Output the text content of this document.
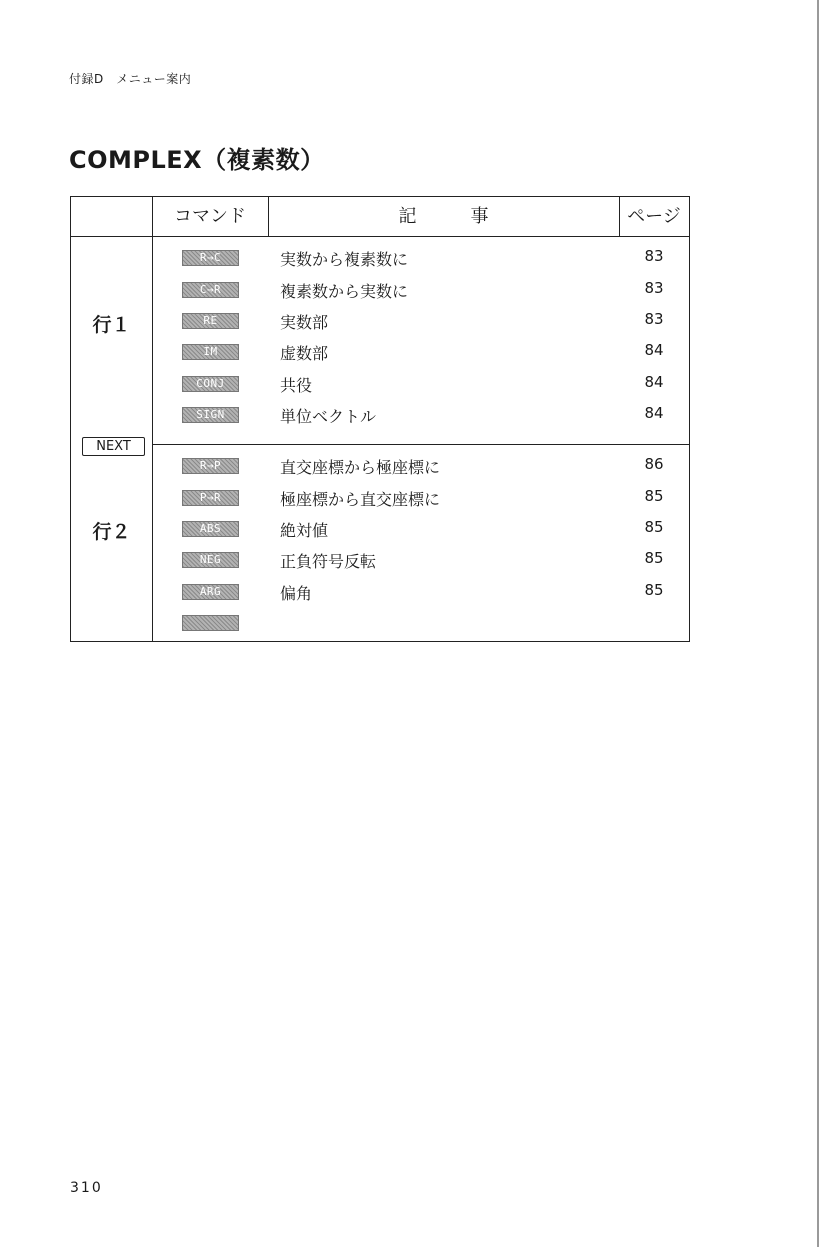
付録D　メニュー案内
COMPLEX（複素数）
コマンド	記　　　事	ページ
行１
行２
NEXT
R→C	実数から複素数に	83
C→R	複素数から実数に	83
RE	実数部	83
IM	虚数部	84
CONJ	共役	84
SIGN	単位ベクトル	84
R→P	直交座標から極座標に	86
P→R	極座標から直交座標に	85
ABS	絶対値	85
NEG	正負符号反転	85
ARG	偏角	85
310
